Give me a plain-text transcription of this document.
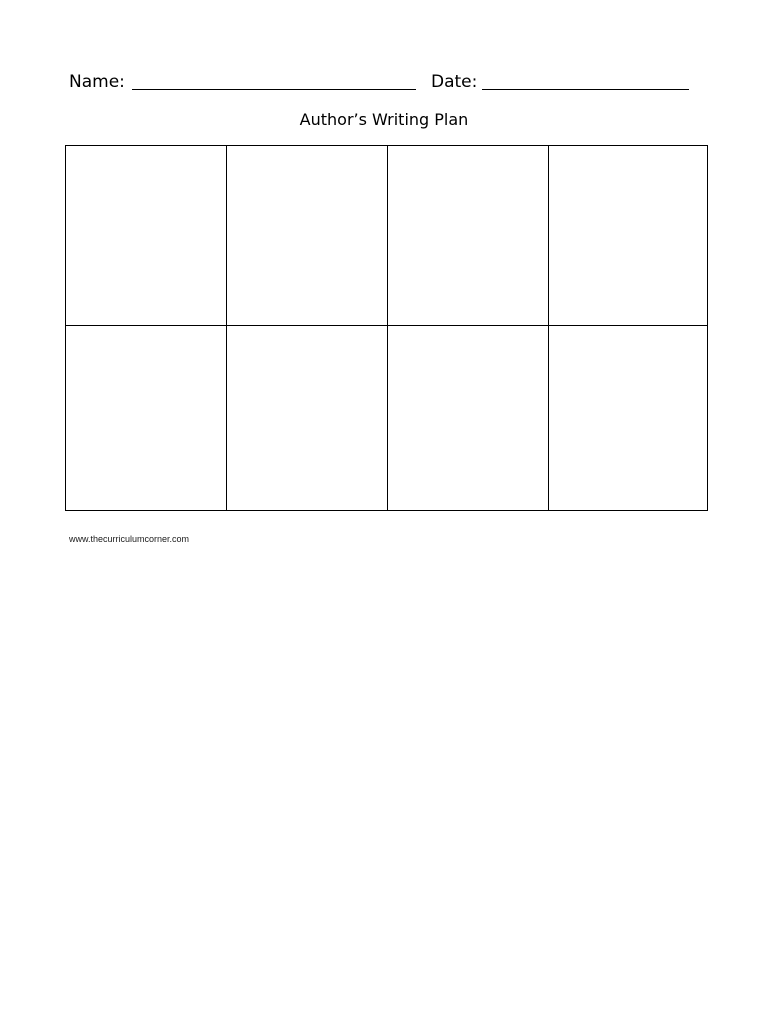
Name:	Date:
Author’s Writing Plan
www.thecurriculumcorner.com
